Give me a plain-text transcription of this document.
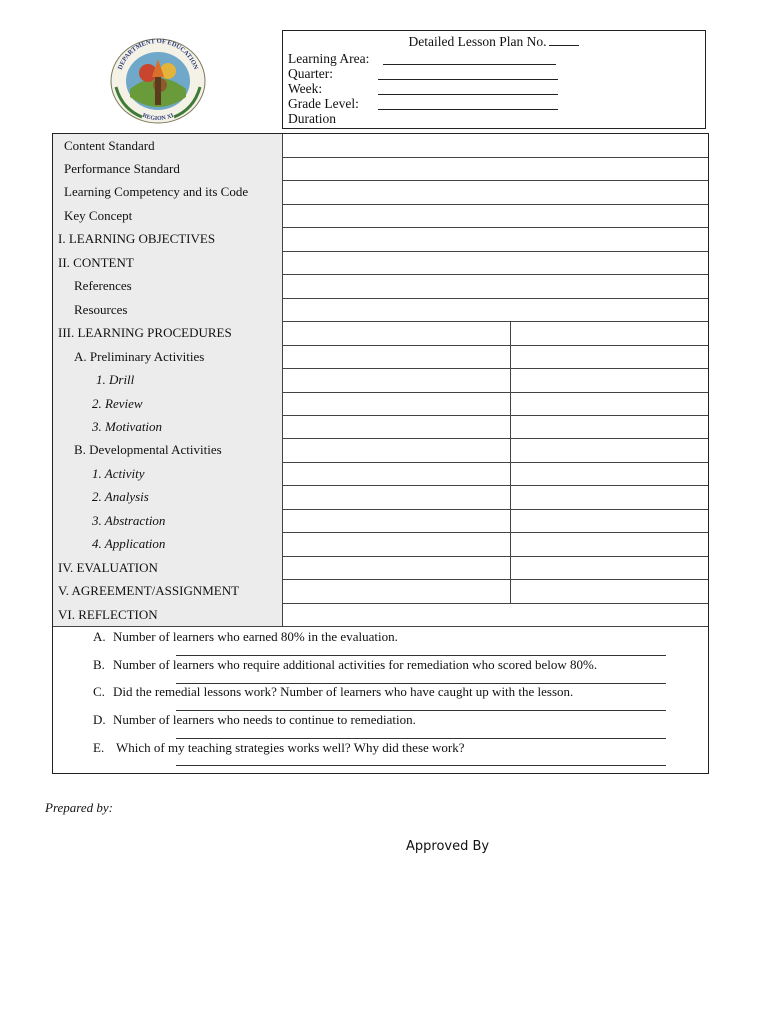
DEPARTMENT OF EDUCATION
REGION XI
Detailed Lesson Plan No.
Learning Area:
Quarter:
Week:
Grade Level:
Duration
Content Standard
Performance Standard
Learning Competency and its Code
Key Concept
I. LEARNING OBJECTIVES
II. CONTENT
References
Resources
III. LEARNING PROCEDURES
A. Preliminary Activities
1. Drill
2. Review
3. Motivation
B. Developmental Activities
1. Activity
2. Analysis
3. Abstraction
4. Application
IV. EVALUATION
V. AGREEMENT/ASSIGNMENT
VI. REFLECTION
A. Number of learners who earned 80% in the evaluation.
B. Number of learners who require additional activities for remediation who scored below 80%.
C. Did the remedial lessons work? Number of learners who have caught up with the lesson.
D. Number of learners who needs to continue to remediation.
E. Which of my teaching strategies works well? Why did these work?
Prepared by:
Approved By
